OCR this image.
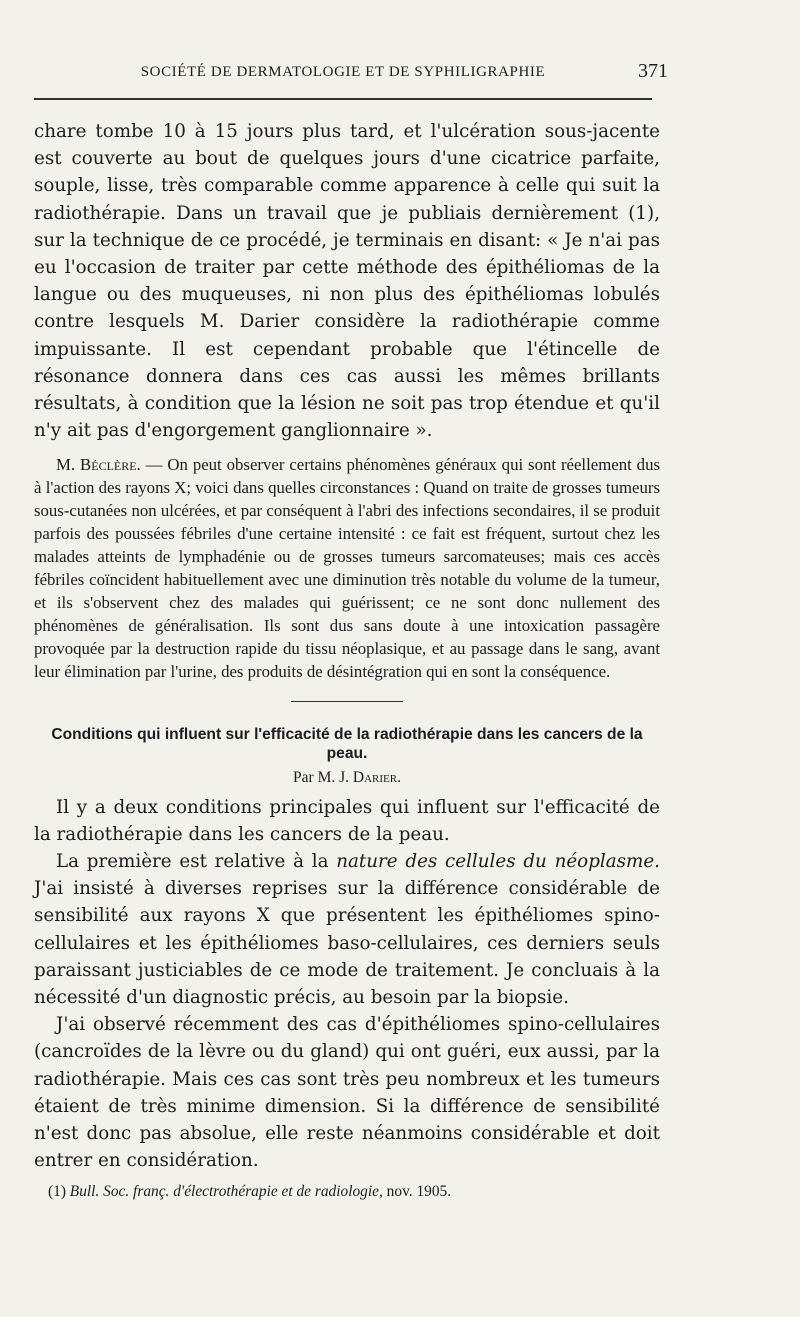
SOCIÉTÉ DE DERMATOLOGIE ET DE SYPHILIGRAPHIE	371

chare tombe 10 à 15 jours plus tard, et l'ulcération sous-jacente est couverte au bout de quelques jours d'une cicatrice parfaite, souple, lisse, très comparable comme apparence à celle qui suit la radiothérapie. Dans un travail que je publiais dernièrement (1), sur la technique de ce procédé, je terminais en disant: « Je n'ai pas eu l'occasion de traiter par cette méthode des épithéliomas de la langue ou des muqueuses, ni non plus des épithéliomas lobulés contre lesquels M. Darier considère la radiothérapie comme impuissante. Il est cependant probable que l'étincelle de résonance donnera dans ces cas aussi les mêmes brillants résultats, à condition que la lésion ne soit pas trop étendue et qu'il n'y ait pas d'engorgement ganglionnaire ».

M. Béclère. — On peut observer certains phénomènes généraux qui sont réellement dus à l'action des rayons X; voici dans quelles circonstances : Quand on traite de grosses tumeurs sous-cutanées non ulcérées, et par conséquent à l'abri des infections secondaires, il se produit parfois des poussées fébriles d'une certaine intensité : ce fait est fréquent, surtout chez les malades atteints de lymphadénie ou de grosses tumeurs sarcomateuses; mais ces accès fébriles coïncident habituellement avec une diminution très notable du volume de la tumeur, et ils s'observent chez des malades qui guérissent; ce ne sont donc nullement des phénomènes de généralisation. Ils sont dus sans doute à une intoxication passagère provoquée par la destruction rapide du tissu néoplasique, et au passage dans le sang, avant leur élimination par l'urine, des produits de désintégration qui en sont la conséquence.

Conditions qui influent sur l'efficacité de la radiothérapie dans les cancers de la peau.
Par M. J. Darier.

Il y a deux conditions principales qui influent sur l'efficacité de la radiothérapie dans les cancers de la peau.

La première est relative à la nature des cellules du néoplasme. J'ai insisté à diverses reprises sur la différence considérable de sensibilité aux rayons X que présentent les épithéliomes spino-cellulaires et les épithéliomes baso-cellulaires, ces derniers seuls paraissant justiciables de ce mode de traitement. Je concluais à la nécessité d'un diagnostic précis, au besoin par la biopsie.

J'ai observé récemment des cas d'épithéliomes spino-cellulaires (cancroïdes de la lèvre ou du gland) qui ont guéri, eux aussi, par la radiothérapie. Mais ces cas sont très peu nombreux et les tumeurs étaient de très minime dimension. Si la différence de sensibilité n'est donc pas absolue, elle reste néanmoins considérable et doit entrer en considération.

(1) Bull. Soc. franç. d'électrothérapie et de radiologie, nov. 1905.
